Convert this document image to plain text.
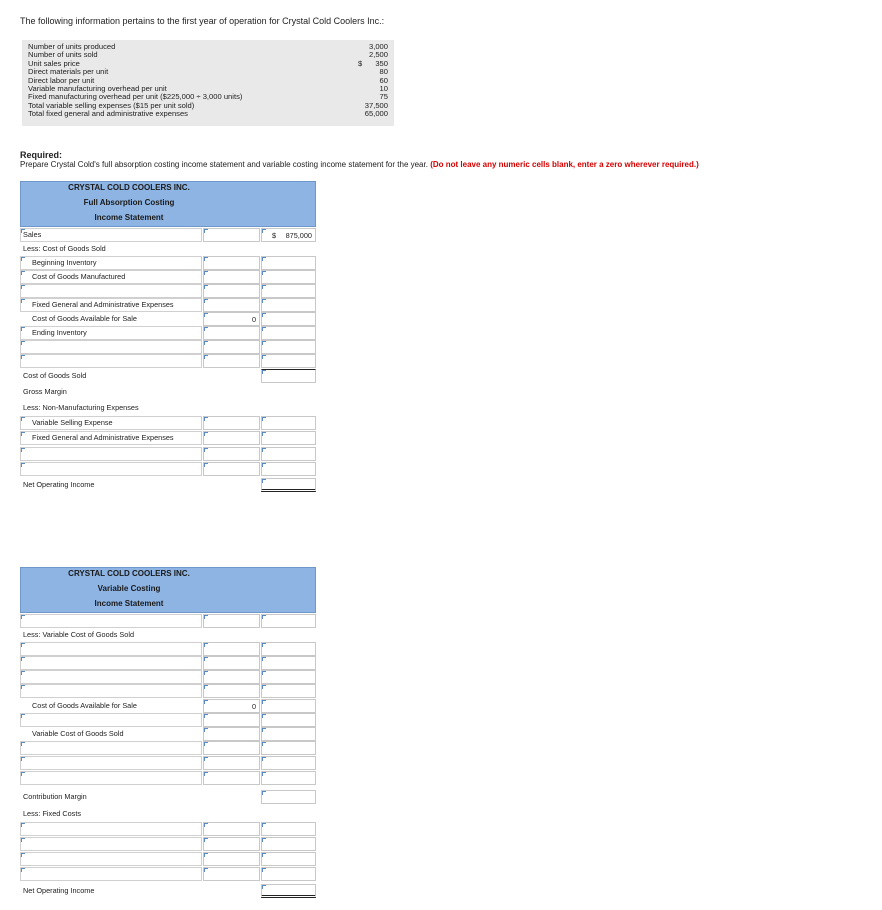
The following information pertains to the first year of operation for Crystal Cold Coolers Inc.:
Number of units produced	3,000
Number of units sold	2,500
Unit sales price	$ 350
Direct materials per unit	80
Direct labor per unit	60
Variable manufacturing overhead per unit	10
Fixed manufacturing overhead per unit ($225,000 ÷ 3,000 units)	75
Total variable selling expenses ($15 per unit sold)	37,500
Total fixed general and administrative expenses	65,000
Required:
Prepare Crystal Cold's full absorption costing income statement and variable costing income statement for the year. (Do not leave any numeric cells blank, enter a zero wherever required.)
CRYSTAL COLD COOLERS INC.
Full Absorption Costing
Income Statement
Sales	$ 875,000
Less: Cost of Goods Sold
Beginning Inventory
Cost of Goods Manufactured
Fixed General and Administrative Expenses
Cost of Goods Available for Sale	0
Ending Inventory
Cost of Goods Sold
Gross Margin
Less: Non-Manufacturing Expenses
Variable Selling Expense
Fixed General and Administrative Expenses
Net Operating Income
CRYSTAL COLD COOLERS INC.
Variable Costing
Income Statement
Less: Variable Cost of Goods Sold
Cost of Goods Available for Sale	0
Variable Cost of Goods Sold
Contribution Margin
Less: Fixed Costs
Net Operating Income
